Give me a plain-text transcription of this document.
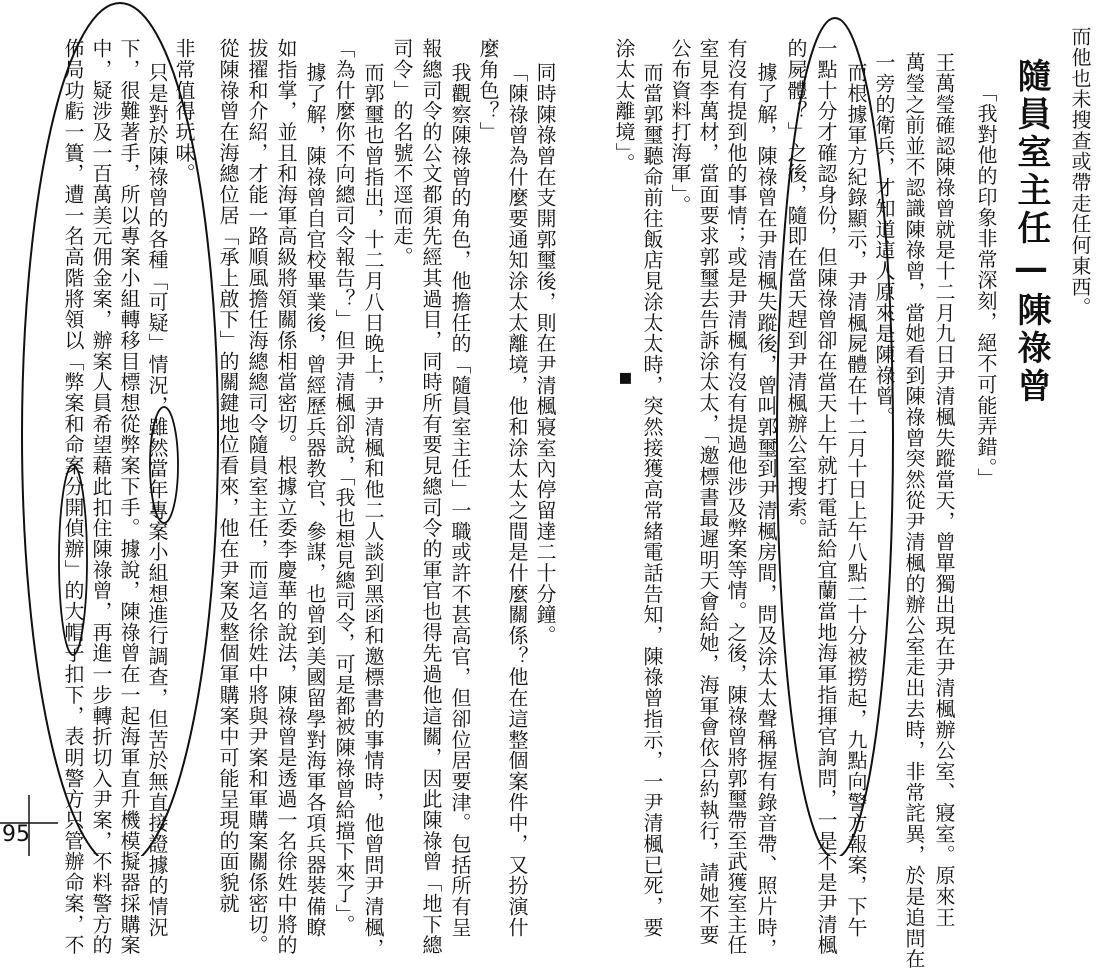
而他也未搜查或帶走任何東西。
隨員室主任—陳祿曾
「我對他的印象非常深刻，絕不可能弄錯。」
王萬瑩確認陳祿曾就是十二月九日尹清楓失蹤當天，曾單獨出現在尹清楓辦公室、寢室。原來王
萬瑩之前並不認識陳祿曾，當她看到陳祿曾突然從尹清楓的辦公室走出去時，非常詫異，於是追問在
一旁的衛兵，才知道這人原來是陳祿曾。
而根據軍方紀錄顯示，尹清楓屍體在十二月十日上午八點二十分被撈起，九點向警方報案，下午
一點十分才確認身份，但陳祿曾卻在當天上午就打電話給宜蘭當地海軍指揮官詢問，一是不是尹清楓
的屍體？」之後，隨即在當天趕到尹清楓辦公室搜索。
據了解，陳祿曾在尹清楓失蹤後，曾叫郭璽到尹清楓房間，問及涂太太聲稱握有錄音帶、照片時，
有沒有提到他的事情；或是尹清楓有沒有提過他涉及弊案等情。之後，陳祿曾將郭璽帶至武獲室主任
室見李萬材，當面要求郭璽去告訴涂太太，「邀標書最遲明天會給她，海軍會依合約執行，請她不要
公布資料打海軍」。
而當郭璽聽命前往飯店見涂太太時，突然接獲高常緒電話告知，陳祿曾指示，一尹清楓已死，要
涂太太離境」。
▪
同時陳祿曾在支開郭璽後，則在尹清楓寢室內停留達二十分鐘。
「陳祿曾為什麼要通知涂太太離境，他和涂太太之間是什麼關係？他在這整個案件中，又扮演什
麼角色？」
我觀察陳祿曾的角色，他擔任的「隨員室主任」一職或許不甚高官，但卻位居要津。包括所有呈
報總司令的公文都須先經其過目，同時所有要見總司令的軍官也得先過他這關，因此陳祿曾「地下總
司令」的名號不逕而走。
而郭璽也曾指出，十二月八日晚上，尹清楓和他二人談到黑函和邀標書的事情時，他曾問尹清楓，
「為什麼你不向總司令報告？」但尹清楓卻說，「我也想見總司令，可是都被陳祿曾給擋下來了」。
據了解，陳祿曾自官校畢業後，曾經歷兵器教官、參謀，也曾到美國留學對海軍各項兵器裝備瞭
如指掌，並且和海軍高級將領關係相當密切。根據立委李慶華的說法，陳祿曾是透過一名徐姓中將的
拔擢和介紹，才能一路順風擔任海總總司令隨員室主任，而這名徐姓中將與尹案和軍購案關係密切。
從陳祿曾在海總位居「承上啟下」的關鍵地位看來，他在尹案及整個軍購案中可能呈現的面貌就
非常值得玩味。
只是對於陳祿曾的各種「可疑」情況，雖然當年專案小組想進行調查，但苦於無直接證據的情況
下，很難著手，所以專案小組轉移目標想從弊案下手。據說，陳祿曾在一起海軍直升機模擬器採購案
中，疑涉及一百萬美元佣金案，辦案人員希望藉此扣住陳祿曾，再進一步轉折切入尹案，不料警方的
佈局功虧一簣，遭一名高階將領以「弊案和命案分開偵辦」的大帽子扣下，表明警方只管辦命案，不
95
